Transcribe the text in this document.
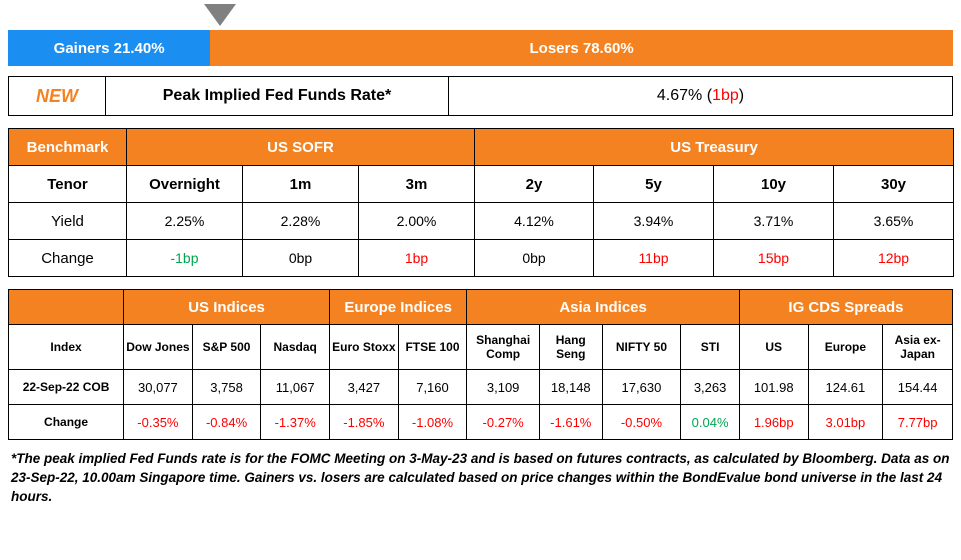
Gainers 21.40%	Losers 78.60%
NEW	Peak Implied Fed Funds Rate*	4.67% (1bp)
Benchmark	US SOFR			US Treasury			
Tenor	Overnight	1m	3m	2y	5y	10y	30y
Yield	2.25%	2.28%	2.00%	4.12%	3.94%	3.71%	3.65%
Change	-1bp	0bp	1bp	0bp	11bp	15bp	12bp
	US Indices			Europe Indices		Asia Indices				IG CDS Spreads		
Index	Dow Jones	S&P 500	Nasdaq	Euro Stoxx	FTSE 100	Shanghai Comp	Hang Seng	NIFTY 50	STI	US	Europe	Asia ex-Japan
22-Sep-22 COB	30,077	3,758	11,067	3,427	7,160	3,109	18,148	17,630	3,263	101.98	124.61	154.44
Change	-0.35%	-0.84%	-1.37%	-1.85%	-1.08%	-0.27%	-1.61%	-0.50%	0.04%	1.96bp	3.01bp	7.77bp
*The peak implied Fed Funds rate is for the FOMC Meeting on 3-May-23 and is based on futures contracts, as calculated by Bloomberg. Data as on 23-Sep-22, 10.00am Singapore time. Gainers vs. losers are calculated based on price changes within the BondEvalue bond universe in the last 24 hours.
